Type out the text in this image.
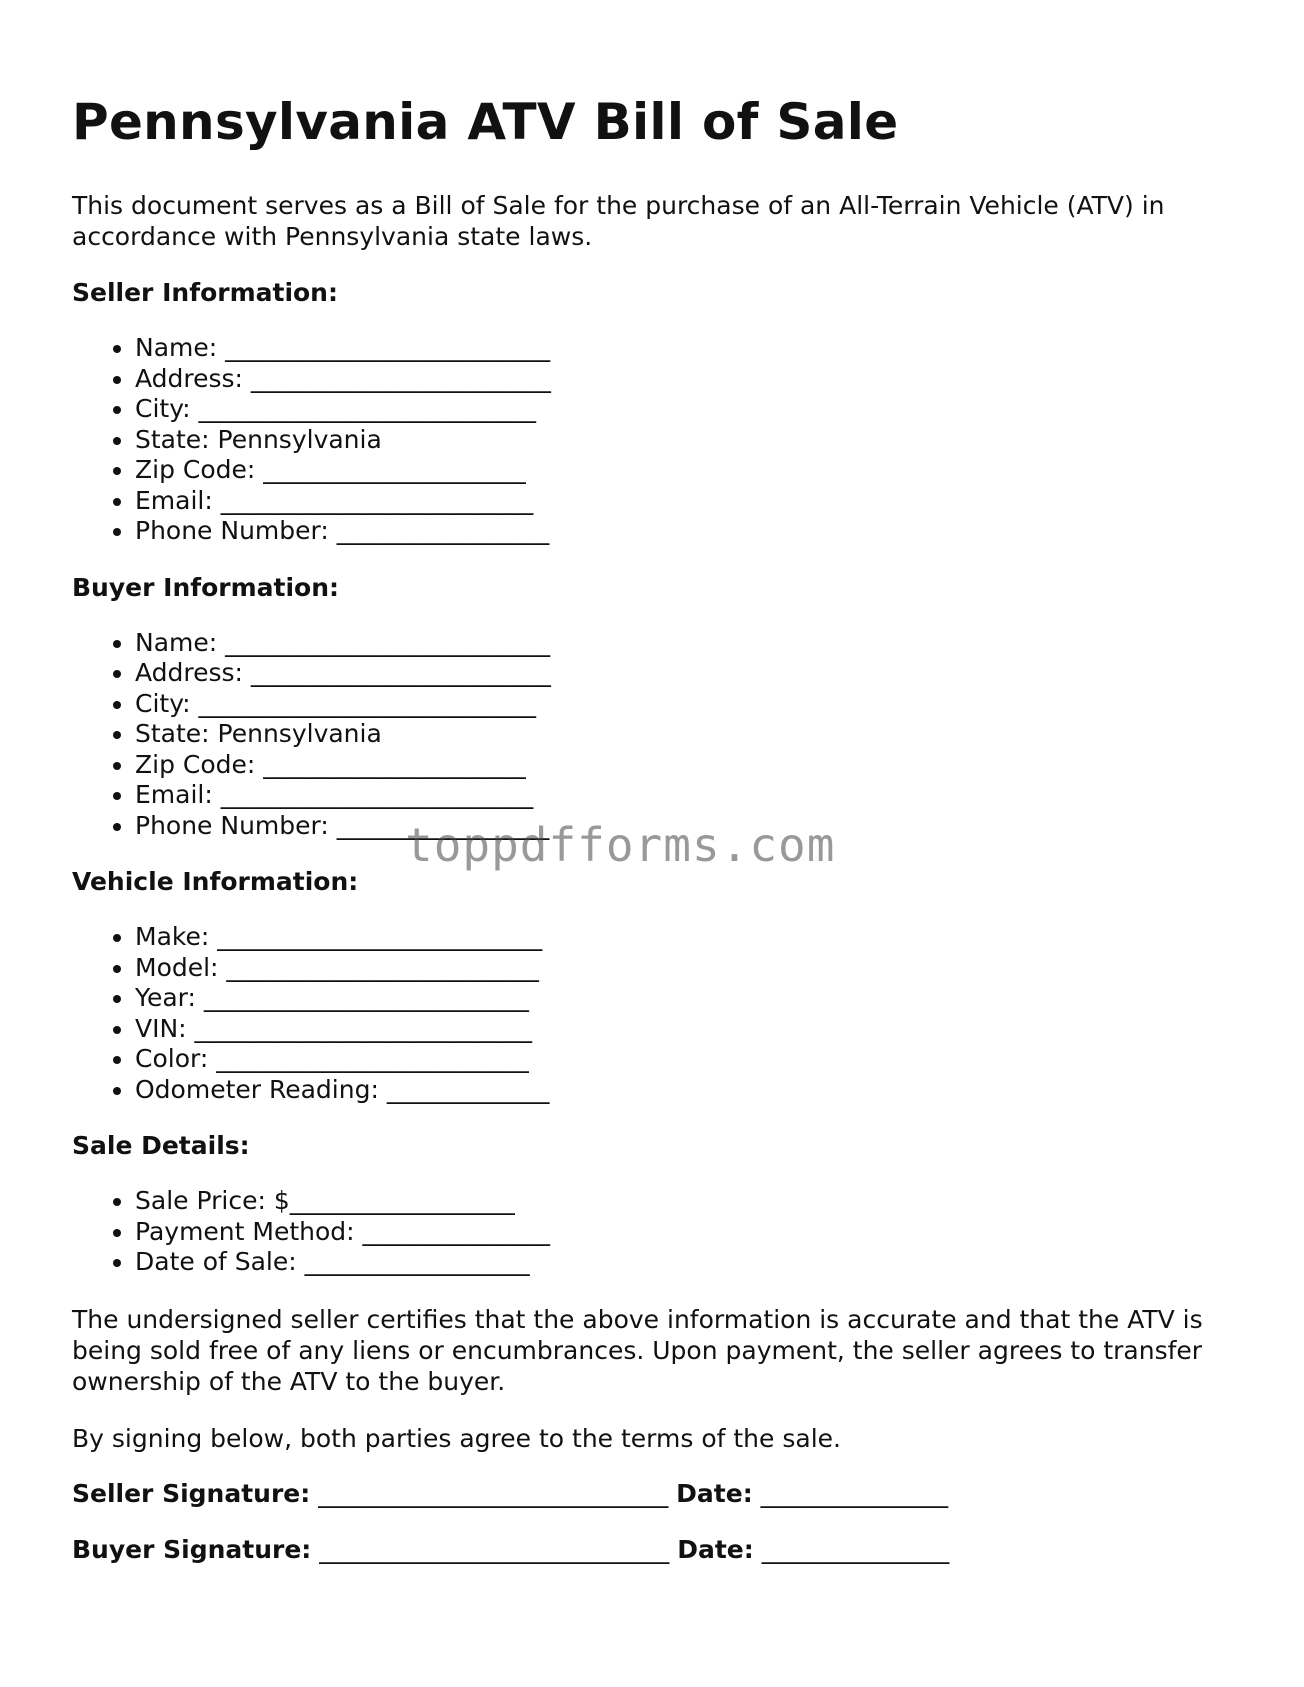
Pennsylvania ATV Bill of Sale

This document serves as a Bill of Sale for the purchase of an All-Terrain Vehicle (ATV) in accordance with Pennsylvania state laws.

Seller Information:
• Name: __________________________
• Address: ________________________
• City: ___________________________
• State: Pennsylvania
• Zip Code: _____________________
• Email: _________________________
• Phone Number: _________________
Buyer Information:
• Name: __________________________
• Address: ________________________
• City: ___________________________
• State: Pennsylvania
• Zip Code: _____________________
• Email: _________________________
• Phone Number: _________________
Vehicle Information:
• Make: __________________________
• Model: _________________________
• Year: __________________________
• VIN: ___________________________
• Color: _________________________
• Odometer Reading: _____________
Sale Details:
• Sale Price: $__________________
• Payment Method: _______________
• Date of Sale: __________________

The undersigned seller certifies that the above information is accurate and that the ATV is being sold free of any liens or encumbrances. Upon payment, the seller agrees to transfer ownership of the ATV to the buyer.

By signing below, both parties agree to the terms of the sale.

Seller Signature: ____________________________ Date: _______________
Buyer Signature: ____________________________ Date: _______________
toppdfforms.com
